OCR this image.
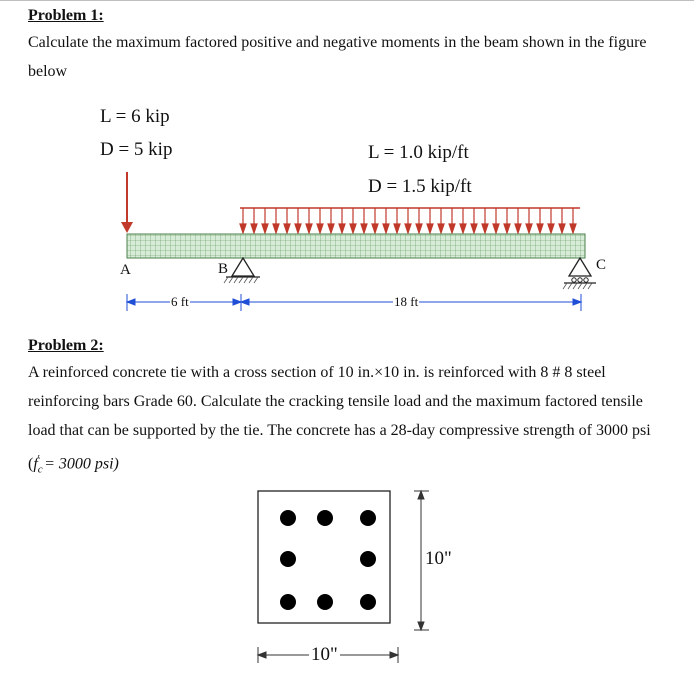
Problem 1:
Calculate the maximum factored positive and negative moments in the beam shown in the figure
below
L = 6 kip
D = 5 kip	L = 1.0 kip/ft
D = 1.5 kip/ft
A	B	C
6 ft	18 ft
Problem 2:
A reinforced concrete tie with a cross section of 10 in.×10 in. is reinforced with 8 # 8 steel
reinforcing bars Grade 60. Calculate the cracking tensile load and the maximum factored tensile
load that can be supported by the tie. The concrete has a 28-day compressive strength of 3000 psi
($f_c' = 3000$ psi)
10"
10"
